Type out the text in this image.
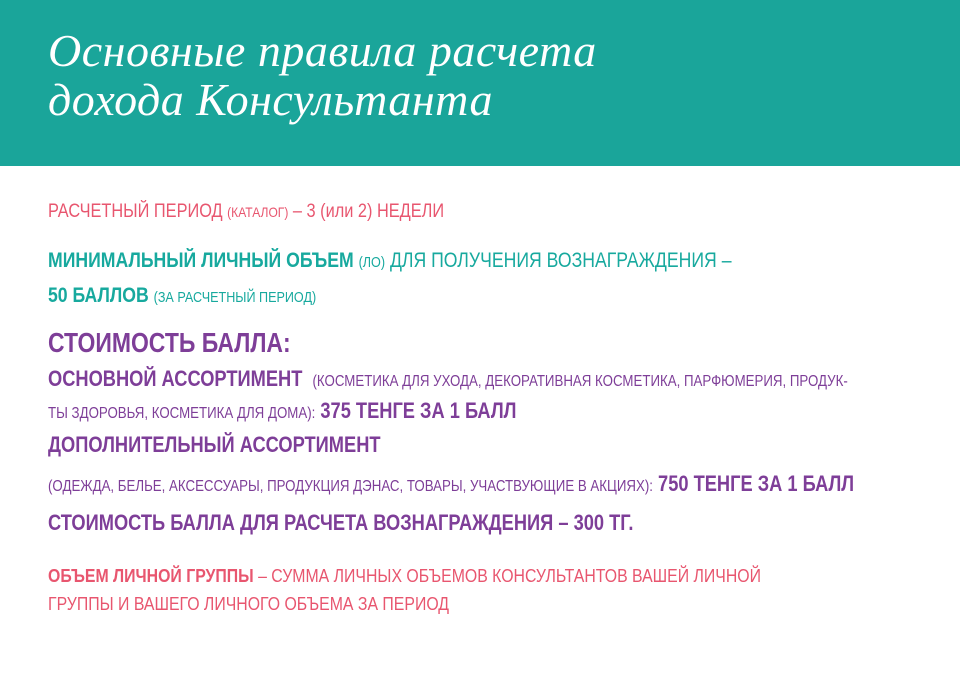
Основные правила расчета
дохода Консультанта

РАСЧЕТНЫЙ ПЕРИОД (КАТАЛОГ) – 3 (или 2) НЕДЕЛИ

МИНИМАЛЬНЫЙ ЛИЧНЫЙ ОБЪЕМ (ЛО) ДЛЯ ПОЛУЧЕНИЯ ВОЗНАГРАЖДЕНИЯ –

50 БАЛЛОВ (ЗА РАСЧЕТНЫЙ ПЕРИОД)

СТОИМОСТЬ БАЛЛА:

ОСНОВНОЙ АССОРТИМЕНТ (КОСМЕТИКА ДЛЯ УХОДА, ДЕКОРАТИВНАЯ КОСМЕТИКА, ПАРФЮМЕРИЯ, ПРОДУК-

ТЫ ЗДОРОВЬЯ, КОСМЕТИКА ДЛЯ ДОМА): 375 ТЕНГЕ ЗА 1 БАЛЛ

ДОПОЛНИТЕЛЬНЫЙ АССОРТИМЕНТ

(ОДЕЖДА, БЕЛЬЕ, АКСЕССУАРЫ, ПРОДУКЦИЯ ДЭНАС, ТОВАРЫ, УЧАСТВУЮЩИЕ В АКЦИЯХ): 750 ТЕНГЕ ЗА 1 БАЛЛ

СТОИМОСТЬ БАЛЛА ДЛЯ РАСЧЕТА ВОЗНАГРАЖДЕНИЯ – 300 ТГ.

ОБЪЕМ ЛИЧНОЙ ГРУППЫ – СУММА ЛИЧНЫХ ОБЪЕМОВ КОНСУЛЬТАНТОВ ВАШЕЙ ЛИЧНОЙ

ГРУППЫ И ВАШЕГО ЛИЧНОГО ОБЪЕМА ЗА ПЕРИОД
